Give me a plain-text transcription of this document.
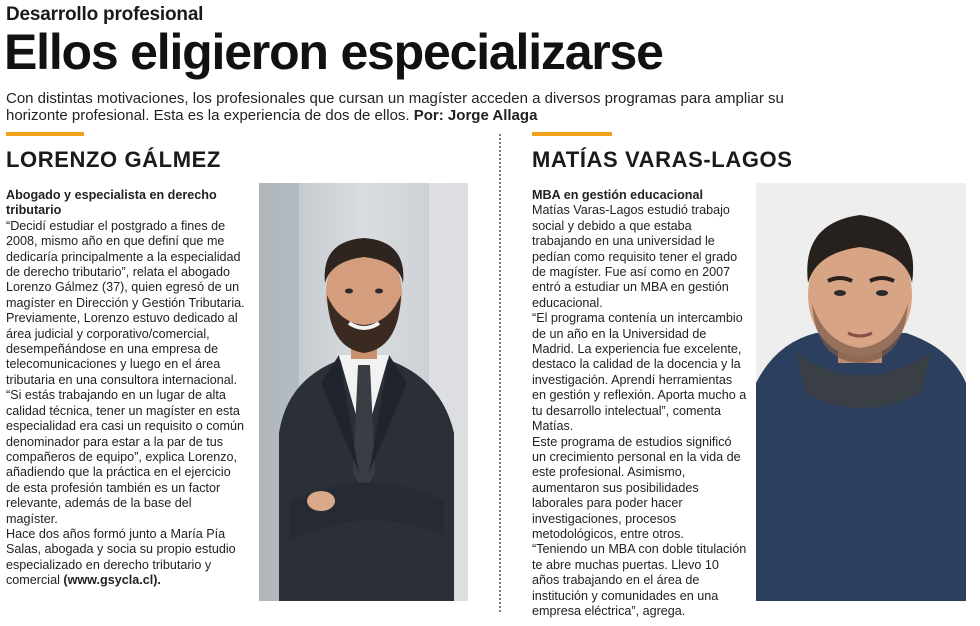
Desarrollo profesional
Ellos eligieron especializarse
Con distintas motivaciones, los profesionales que cursan un magíster acceden a diversos programas para ampliar su horizonte profesional. Esta es la experiencia de dos de ellos. Por: Jorge Allaga
LORENZO GÁLMEZ
Abogado y especialista en derecho tributario
“Decidí estudiar el postgrado a fines de 2008, mismo año en que definí que me dedicaría principalmente a la especialidad de derecho tributario”, relata el abogado Lorenzo Gálmez (37), quien egresó de un magíster en Dirección y Gestión Tributaria. Previamente, Lorenzo estuvo dedicado al área judicial y corporativo/comercial, desempeñándose en una empresa de telecomunicaciones y luego en el área tributaria en una consultora internacional.
“Si estás trabajando en un lugar de alta calidad técnica, tener un magíster en esta especialidad era casi un requisito o común denominador para estar a la par de tus compañeros de equipo”, explica Lorenzo, añadiendo que la práctica en el ejercicio de esta profesión también es un factor relevante, además de la base del magíster.
Hace dos años formó junto a María Pía Salas, abogada y socia su propio estudio especializado en derecho tributario y comercial (www.gsycla.cl).
MATÍAS VARAS-LAGOS
MBA en gestión educacional
Matías Varas-Lagos estudió trabajo social y debido a que estaba trabajando en una universidad le pedían como requisito tener el grado de magíster. Fue así como en 2007 entró a estudiar un MBA en gestión educacional.
“El programa contenía un intercambio de un año en la Universidad de Madrid. La experiencia fue excelente, destaco la calidad de la docencia y la investigación. Aprendí herramientas en gestión y reflexión. Aporta mucho a tu desarrollo intelectual”, comenta Matías.
Este programa de estudios significó un crecimiento personal en la vida de este profesional. Asimismo, aumentaron sus posibilidades laborales para poder hacer investigaciones, procesos metodológicos, entre otros.
“Teniendo un MBA con doble titulación te abre muchas puertas. Llevo 10 años trabajando en el área de institución y comunidades en una empresa eléctrica”, agrega.
